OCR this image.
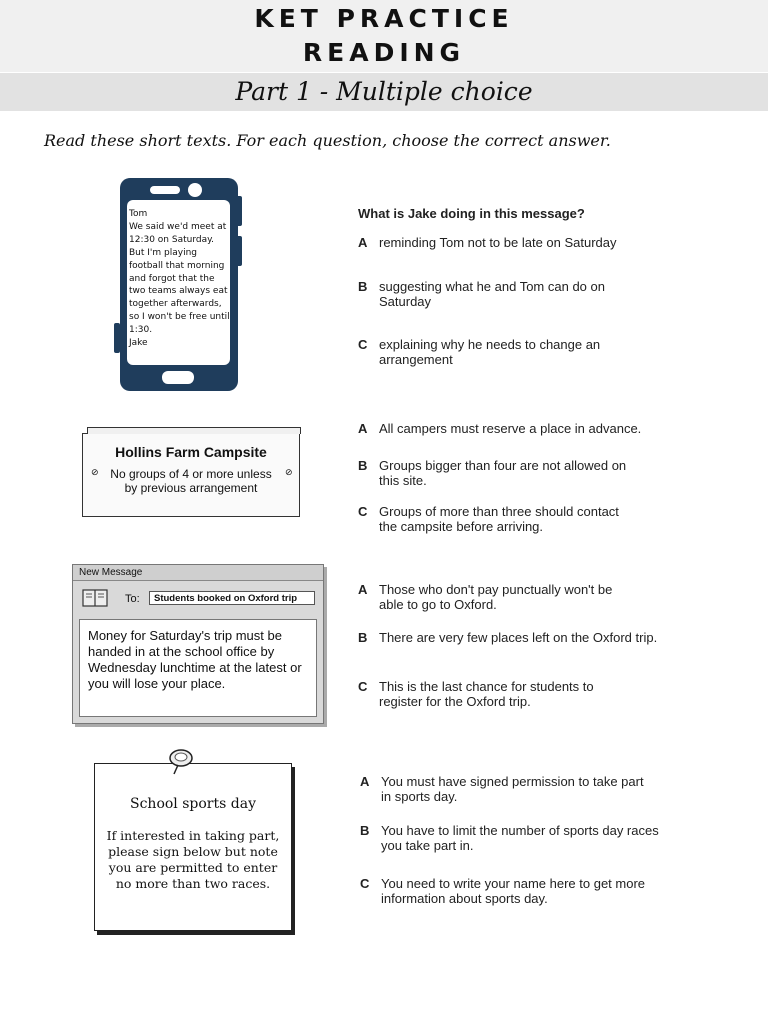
KET PRACTICE
READING
Part 1 - Multiple choice
Read these short texts. For each question, choose the correct answer.
Tom
We said we'd meet at 12:30 on Saturday. But I'm playing football that morning and forgot that the two teams always eat together afterwards, so I won't be free until 1:30.
Jake
What is Jake doing in this message?
A reminding Tom not to be late on Saturday
B suggesting what he and Tom can do on Saturday
C explaining why he needs to change an arrangement
Hollins Farm Campsite
⊘ No groups of 4 or more unless by previous arrangement
⊘
A All campers must reserve a place in advance.
B Groups bigger than four are not allowed on this site.
C Groups of more than three should contact the campsite before arriving.
New Message
To:	Students booked on Oxford trip
Money for Saturday's trip must be handed in at the school office by Wednesday lunchtime at the latest or you will lose your place.
A Those who don't pay punctually won't be able to go to Oxford.
B There are very few places left on the Oxford trip.
C This is the last chance for students to register for the Oxford trip.
School sports day
If interested in taking part, please sign below but note you are permitted to enter no more than two races.
A You must have signed permission to take part in sports day.
B You have to limit the number of sports day races you take part in.
C You need to write your name here to get more information about sports day.
